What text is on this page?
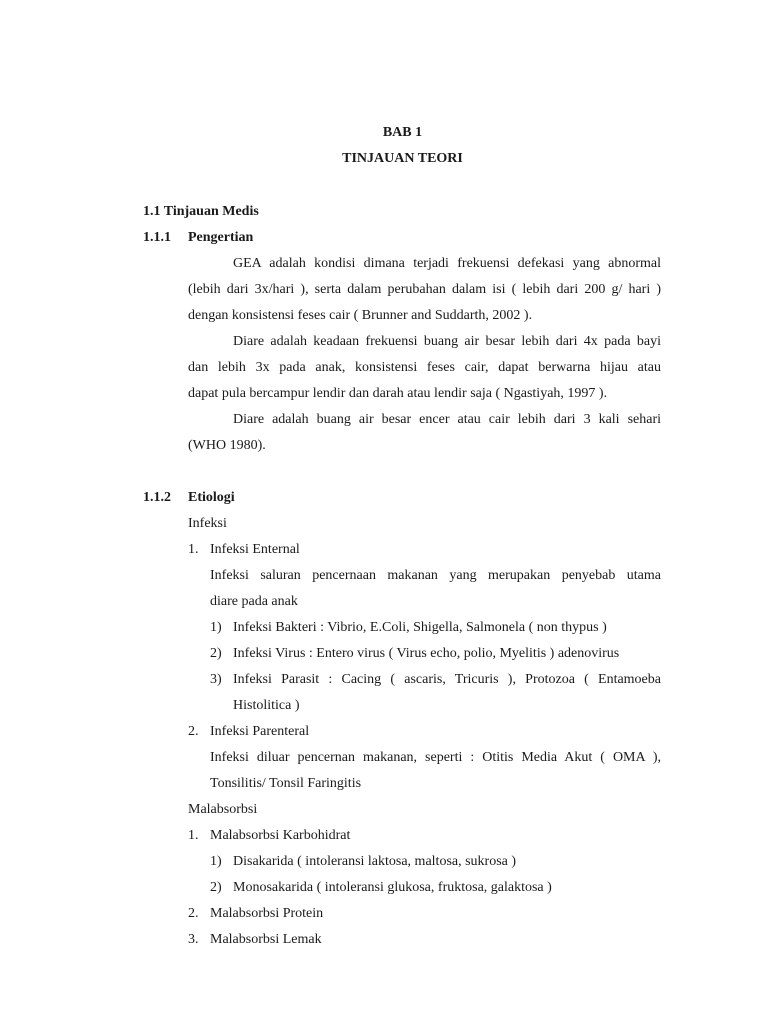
BAB 1
TINJAUAN TEORI
1.1 Tinjauan Medis
1.1.1 Pengertian
GEA adalah kondisi dimana terjadi frekuensi defekasi yang abnormal
(lebih dari 3x/hari ), serta dalam perubahan dalam isi ( lebih dari 200 g/ hari )
dengan konsistensi feses cair ( Brunner and Suddarth, 2002 ).
Diare adalah keadaan frekuensi buang air besar lebih dari 4x pada bayi
dan lebih 3x pada anak, konsistensi feses cair, dapat berwarna hijau atau
dapat pula bercampur lendir dan darah atau lendir saja ( Ngastiyah, 1997 ).
Diare adalah buang air besar encer atau cair lebih dari 3 kali sehari
(WHO 1980).
1.1.2 Etiologi
Infeksi
1. Infeksi Enternal
Infeksi saluran pencernaan makanan yang merupakan penyebab utama
diare pada anak
1) Infeksi Bakteri : Vibrio, E.Coli, Shigella, Salmonela ( non thypus )
2) Infeksi Virus : Entero virus ( Virus echo, polio, Myelitis ) adenovirus
3) Infeksi Parasit : Cacing ( ascaris, Tricuris ), Protozoa ( Entamoeba
Histolitica )
2. Infeksi Parenteral
Infeksi diluar pencernan makanan, seperti : Otitis Media Akut ( OMA ),
Tonsilitis/ Tonsil Faringitis
Malabsorbsi
1. Malabsorbsi Karbohidrat
1) Disakarida ( intoleransi laktosa, maltosa, sukrosa )
2) Monosakarida ( intoleransi glukosa, fruktosa, galaktosa )
2. Malabsorbsi Protein
3. Malabsorbsi Lemak
